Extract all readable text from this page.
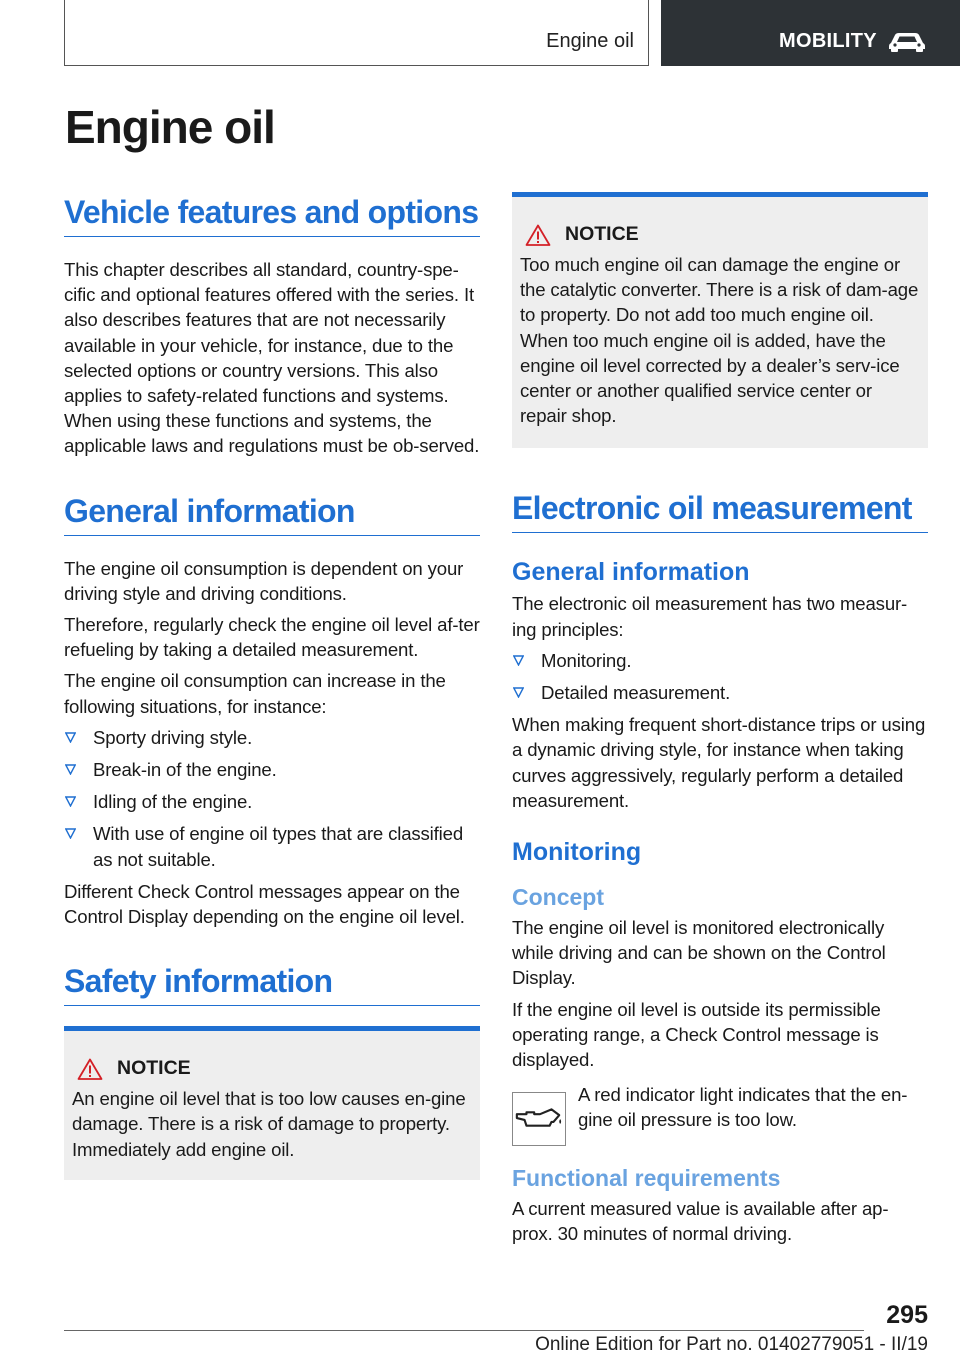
Engine oil	MOBILITY
Engine oil
Vehicle features and options

This chapter describes all standard, country-spe-cific and optional features offered with the series. It also describes features that are not necessarily available in your vehicle, for instance, due to the selected options or country versions. This also applies to safety-related functions and systems. When using these functions and systems, the applicable laws and regulations must be ob-served.

General information

The engine oil consumption is dependent on your driving style and driving conditions.

Therefore, regularly check the engine oil level af-ter refueling by taking a detailed measurement.

The engine oil consumption can increase in the following situations, for instance:

Sporty driving style.
Break-in of the engine.
Idling of the engine.
With use of engine oil types that are classified as not suitable.

Different Check Control messages appear on the Control Display depending on the engine oil level.

Safety information
NOTICE

An engine oil level that is too low causes en-gine damage. There is a risk of damage to property. Immediately add engine oil.

NOTICE

Too much engine oil can damage the engine or the catalytic converter. There is a risk of dam-age to property. Do not add too much engine oil. When too much engine oil is added, have the engine oil level corrected by a dealer’s serv-ice center or another qualified service center or repair shop.

Electronic oil measurement
General information

The electronic oil measurement has two measur-ing principles:

Monitoring.
Detailed measurement.

When making frequent short-distance trips or using a dynamic driving style, for instance when taking curves aggressively, regularly perform a detailed measurement.

Monitoring
Concept

The engine oil level is monitored electronically while driving and can be shown on the Control Display.

If the engine oil level is outside its permissible operating range, a Check Control message is displayed.

A red indicator light indicates that the en-gine oil pressure is too low.

Functional requirements

A current measured value is available after ap-prox. 30 minutes of normal driving.

295
Online Edition for Part no. 01402779051 - II/19
